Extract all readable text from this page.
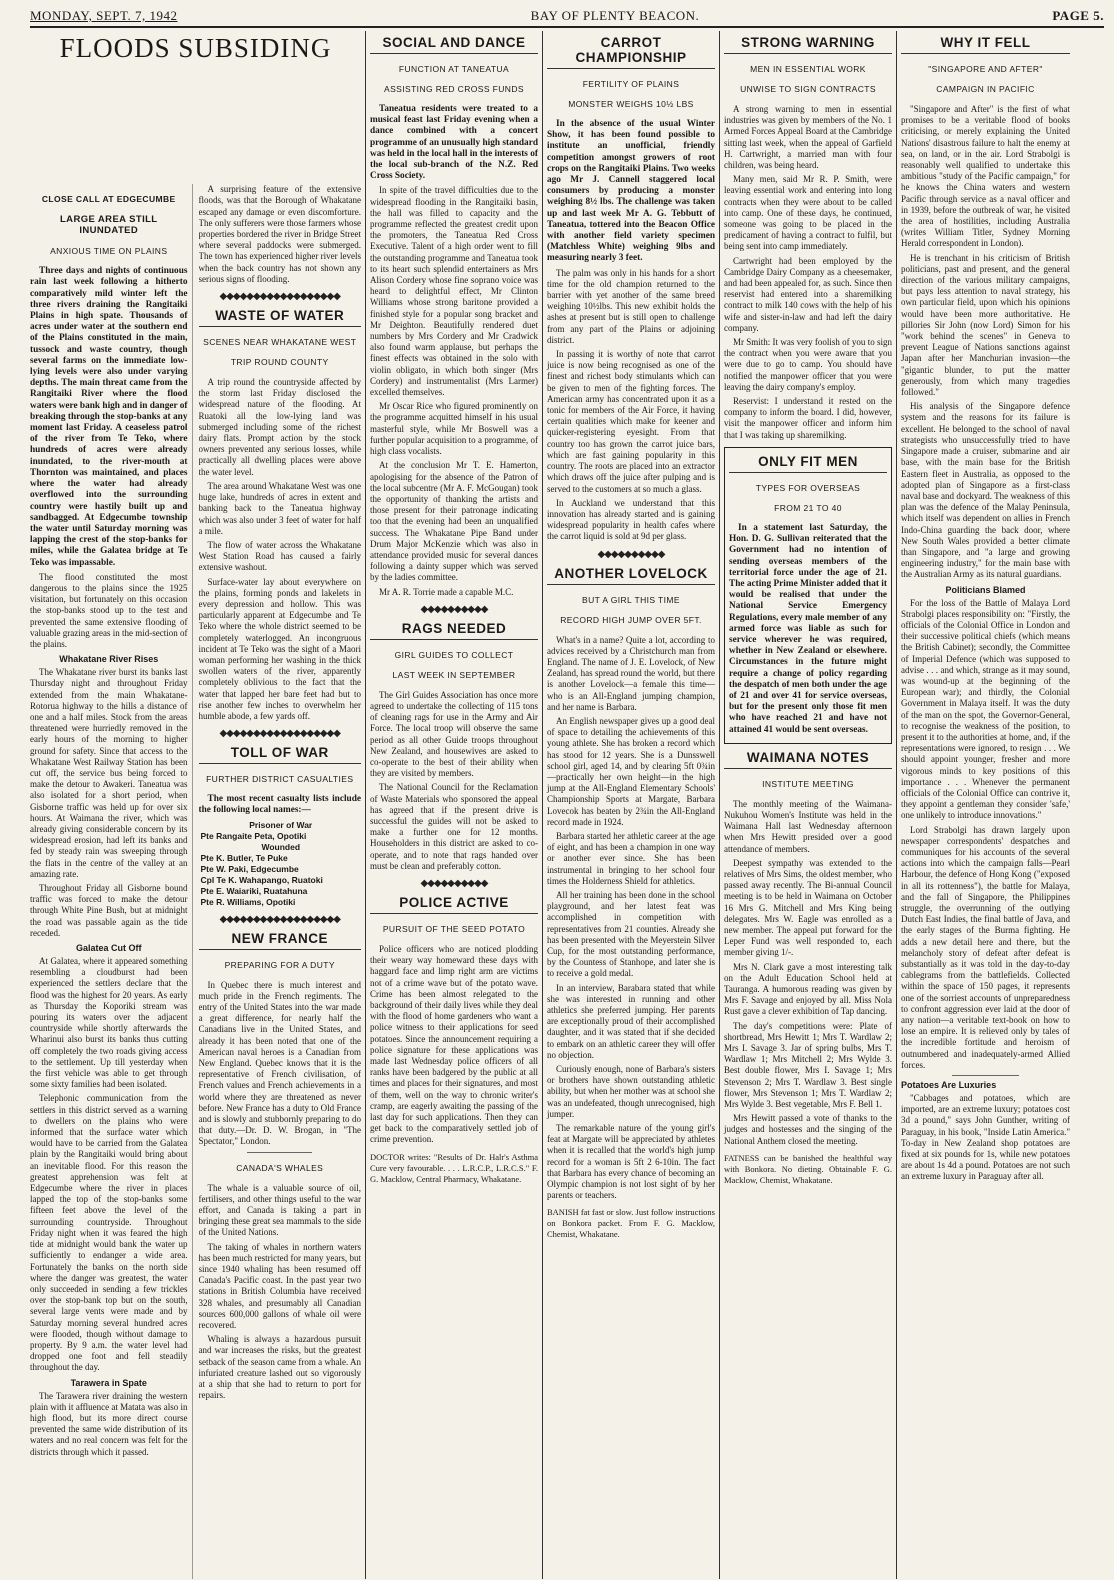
MONDAY, SEPT. 7, 1942	BAY OF PLENTY BEACON.	PAGE 5.
FLOODS SUBSIDING
CLOSE CALL AT EDGECUMBE
LARGE AREA STILL INUNDATED
ANXIOUS TIME ON PLAINS

Three days and nights of continuous rain last week following a hitherto comparatively mild winter left the three rivers draining the Rangitaiki Plains in high spate. Thousands of acres under water at the southern end of the Plains constituted in the main, tussock and waste country, though several farms on the immediate low-lying levels were also under varying depths. The main threat came from the Rangitaiki River where the flood waters were bank high and in danger of breaking through the stop-banks at any moment last Friday. A ceaseless patrol of the river from Te Teko, where hundreds of acres were already inundated, to the river-mouth at Thornton was maintained, and places where the water had already overflowed into the surrounding country were hastily built up and sandbagged. At Edgecumbe township the water until Saturday morning was lapping the crest of the stop-banks for miles, while the Galatea bridge at Te Teko was impassable.

The flood constituted the most dangerous to the plains since the 1925 visitation, but fortunately on this occasion the stop-banks stood up to the test and prevented the same extensive flooding of valuable grazing areas in the mid-section of the plains.

Whakatane River Rises

The Whakatane river burst its banks last Thursday night and throughout Friday extended from the main Whakatane-Rotorua highway to the hills a distance of one and a half miles. Stock from the areas threatened were hurriedly removed in the early hours of the morning to higher ground for safety. Since that access to the Whakatane West Railway Station has been cut off, the service bus being forced to make the detour to Awakeri. Taneatua was also isolated for a short period, when Gisborne traffic was held up for over six hours. At Waimana the river, which was already giving considerable concern by its widespread erosion, had left its banks and fed by steady rain was sweeping through the flats in the centre of the valley at an amazing rate.

Throughout Friday all Gisborne bound traffic was forced to make the detour through White Pine Bush, but at midnight the road was passable again as the tide receded.

Galatea Cut Off

At Galatea, where it appeared something resembling a cloudburst had been experienced the settlers declare that the flood was the highest for 20 years. As early as Thursday the Koporiki stream was pouring its waters over the adjacent countryside while shortly afterwards the Wharinui also burst its banks thus cutting off completely the two roads giving access to the settlement. Up till yesterday when the first vehicle was able to get through some sixty families had been isolated.

Telephonic communication from the settlers in this district served as a warning to dwellers on the plains who were informed that the surface water which would have to be carried from the Galatea plain by the Rangitaiki would bring about an inevitable flood. For this reason the greatest apprehension was felt at Edgecumbe where the river in places lapped the top of the stop-banks some fifteen feet above the level of the surrounding countryside. Throughout Friday night when it was feared the high tide at midnight would bank the water up sufficiently to endanger a wide area. Fortunately the banks on the north side where the danger was greatest, the water only succeeded in sending a few trickles over the stop-bank top but on the south, several large vents were made and by Saturday morning several hundred acres were flooded, though without damage to property. By 9 a.m. the water level had dropped one foot and fell steadily throughout the day.

Tarawera in Spate

The Tarawera river draining the western plain with it affluence at Matata was also in high flood, but its more direct course prevented the same wide distribution of its waters and no real concern was felt for the districts through which it passed.

A surprising feature of the extensive floods, was that the Borough of Whakatane escaped any damage or even discomforture. The only sufferers were those farmers whose properties bordered the river in Bridge Street where several paddocks were submerged. The town has experienced higher river levels when the back country has not shown any serious signs of flooding.

◆◆◆◆◆◆◆◆◆◆◆◆◆◆◆◆◆◆
WASTE OF WATER
SCENES NEAR WHAKATANE WEST
TRIP ROUND COUNTY

A trip round the countryside affected by the storm last Friday disclosed the widespread nature of the flooding. At Ruatoki all the low-lying land was submerged including some of the richest dairy flats. Prompt action by the stock owners prevented any serious losses, while practically all dwelling places were above the water level.

The area around Whakatane West was one huge lake, hundreds of acres in extent and banking back to the Taneatua highway which was also under 3 feet of water for half a mile.

The flow of water across the Whakatane West Station Road has caused a fairly extensive washout.

Surface-water lay about everywhere on the plains, forming ponds and lakelets in every depression and hollow. This was particularly apparent at Edgecumbe and Te Teko where the whole district seemed to be completely waterlogged. An incongruous incident at Te Teko was the sight of a Maori woman performing her washing in the thick swollen waters of the river, apparently completely oblivious to the fact that the water that lapped her bare feet had but to rise another few inches to overwhelm her humble abode, a few yards off.

◆◆◆◆◆◆◆◆◆◆◆◆◆◆◆◆◆◆
TOLL OF WAR
FURTHER DISTRICT CASUALTIES

The most recent casualty lists include the following local names:—

Prisoner of War
Pte Rangaite Peta, Opotiki
Wounded
Pte K. Butler, Te Puke
Pte W. Paki, Edgecumbe
Cpl Te K. Wahapango, Ruatoki
Pte E. Waiariki, Ruatahuna
Pte R. Williams, Opotiki
◆◆◆◆◆◆◆◆◆◆◆◆◆◆◆◆◆◆
NEW FRANCE
PREPARING FOR A DUTY

In Quebec there is much interest and much pride in the French regiments. The entry of the United States into the war made a great difference, for nearly half the Canadians live in the United States, and already it has been noted that one of the American naval heroes is a Canadian from New England. Quebec knows that it is the representative of French civilisation, of French values and French achievements in a world where they are threatened as never before. New France has a duty to Old France and is slowly and stubbornly preparing to do that duty.—Dr. D. W. Brogan, in "The Spectator," London.

CANADA'S WHALES

The whale is a valuable source of oil, fertilisers, and other things useful to the war effort, and Canada is taking a part in bringing these great sea mammals to the side of the United Nations.

The taking of whales in northern waters has been much restricted for many years, but since 1940 whaling has been resumed off Canada's Pacific coast. In the past year two stations in British Columbia have received 328 whales, and presumably all Canadian sources 600,000 gallons of whale oil were recovered.

Whaling is always a hazardous pursuit and war increases the risks, but the greatest setback of the season came from a whale. An infuriated creature lashed out so vigorously at a ship that she had to return to port for repairs.

SOCIAL AND DANCE
FUNCTION AT TANEATUA
ASSISTING RED CROSS FUNDS

Taneatua residents were treated to a musical feast last Friday evening when a dance combined with a concert programme of an unusually high standard was held in the local hall in the interests of the local sub-branch of the N.Z. Red Cross Society.

In spite of the travel difficulties due to the widespread flooding in the Rangitaiki basin, the hall was filled to capacity and the programme reflected the greatest credit upon the promoters, the Taneatua Red Cross Executive. Talent of a high order went to fill the outstanding programme and Taneatua took to its heart such splendid entertainers as Mrs Alison Cordery whose fine soprano voice was heard to delightful effect, Mr Clinton Williams whose strong baritone provided a finished style for a popular song bracket and Mr Deighton. Beautifully rendered duet numbers by Mrs Cordery and Mr Cradwick also found warm applause, but perhaps the finest effects was obtained in the solo with violin obligato, in which both singer (Mrs Cordery) and instrumentalist (Mrs Larmer) excelled themselves.

Mr Oscar Rice who figured prominently on the programme acquitted himself in his usual masterful style, while Mr Boswell was a further popular acquisition to a programme, of high class vocalists.

At the conclusion Mr T. E. Hamerton, apologising for the absence of the Patron of the local subcentre (Mr A. F. McGougan) took the opportunity of thanking the artists and those present for their patronage indicating too that the evening had been an unqualified success. The Whakatane Pipe Band under Drum Major McKenzie which was also in attendance provided music for several dances following a dainty supper which was served by the ladies committee.

Mr A. R. Torrie made a capable M.C.

◆◆◆◆◆◆◆◆◆◆
RAGS NEEDED
GIRL GUIDES TO COLLECT
LAST WEEK IN SEPTEMBER

The Girl Guides Association has once more agreed to undertake the collecting of 115 tons of cleaning rags for use in the Army and Air Force. The local troop will observe the same period as all other Guide troops throughout New Zealand, and housewives are asked to co-operate to the best of their ability when they are visited by members.

The National Council for the Reclamation of Waste Materials who sponsored the appeal has agreed that if the present drive is successful the guides will not be asked to make a further one for 12 months. Householders in this district are asked to co-operate, and to note that rags handed over must be clean and preferably cotton.

◆◆◆◆◆◆◆◆◆◆
POLICE ACTIVE
PURSUIT OF THE SEED POTATO

Police officers who are noticed plodding their weary way homeward these days with haggard face and limp right arm are victims not of a crime wave but of the potato wave. Crime has been almost relegated to the background of their daily lives while they deal with the flood of home gardeners who want a police witness to their applications for seed potatoes. Since the announcement requiring a police signature for these applications was made last Wednesday police officers of all ranks have been badgered by the public at all times and places for their signatures, and most of them, well on the way to chronic writer's cramp, are eagerly awaiting the passing of the last day for such applications. Then they can get back to the comparatively settled job of crime prevention.

DOCTOR writes: "Results of Dr. Halr's Asthma Cure very favourable. . . . L.R.C.P., L.R.C.S." F. G. Macklow, Central Pharmacy, Whakatane.

CARROT CHAMPIONSHIP
FERTILITY OF PLAINS
MONSTER WEIGHS 10½ LBS

In the absence of the usual Winter Show, it has been found possible to institute an unofficial, friendly competition amongst growers of root crops on the Rangitaiki Plains. Two weeks ago Mr J. Cannell staggered local consumers by producing a monster weighing 8½ lbs. The challenge was taken up and last week Mr A. G. Tebbutt of Taneatua, tottered into the Beacon Office with another field variety specimen (Matchless White) weighing 9lbs and measuring nearly 3 feet.

The palm was only in his hands for a short time for the old champion returned to the barrier with yet another of the same breed weighing 10½lbs. This new exhibit holds the ashes at present but is still open to challenge from any part of the Plains or adjoining district.

In passing it is worthy of note that carrot juice is now being recognised as one of the finest and richest body stimulants which can be given to men of the fighting forces. The American army has concentrated upon it as a tonic for members of the Air Force, it having certain qualities which make for keener and quicker-registering eyesight. From that country too has grown the carrot juice bars, which are fast gaining popularity in this country. The roots are placed into an extractor which draws off the juice after pulping and is served to the customers at so much a glass.

In Auckland we understand that this innovation has already started and is gaining widespread popularity in health cafes where the carrot liquid is sold at 9d per glass.

◆◆◆◆◆◆◆◆◆◆
ANOTHER LOVELOCK
BUT A GIRL THIS TIME
RECORD HIGH JUMP OVER 5FT.

What's in a name? Quite a lot, according to advices received by a Christchurch man from England. The name of J. E. Lovelock, of New Zealand, has spread round the world, but there is another Lovelock—a female this time—who is an All-England jumping champion, and her name is Barbara.

An English newspaper gives up a good deal of space to detailing the achievements of this young athlete. She has broken a record which has stood for 12 years. She is a Dunsswell school girl, aged 14, and by clearing 5ft 0¾in—practically her own height—in the high jump at the All-England Elementary Schools' Championship Sports at Margate, Barbara Lovecok has beaten by 2¾in the All-England record made in 1924.

Barbara started her athletic career at the age of eight, and has been a champion in one way or another ever since. She has been instrumental in bringing to her school four times the Holderness Shield for athletics.

All her training has been done in the school playground, and her latest feat was accomplished in competition with representatives from 21 counties. Already she has been presented with the Meyerstein Silver Cup, for the most outstanding performance, by the Countess of Stanhope, and later she is to receive a gold medal.

In an interview, Barabara stated that while she was interested in running and other athletics she preferred jumping. Her parents are exceptionally proud of their accomplished daughter, and it was stated that if she decided to embark on an athletic career they will offer no objection.

Curiously enough, none of Barbara's sisters or brothers have shown outstanding athletic ability, but when her mother was at school she was an undefeated, though unrecognised, high jumper.

The remarkable nature of the young girl's feat at Margate will be appreciated by athletes when it is recalled that the world's high jump record for a woman is 5ft 2 6-10in. The fact that Barbara has every chance of becoming an Olympic champion is not lost sight of by her parents or teachers.

BANISH fat fast or slow. Just follow instructions on Bonkora packet. From F. G. Macklow, Chemist, Whakatane.

STRONG WARNING
MEN IN ESSENTIAL WORK
UNWISE TO SIGN CONTRACTS

A strong warning to men in essential industries was given by members of the No. 1 Armed Forces Appeal Board at the Cambridge sitting last week, when the appeal of Garfield H. Cartwright, a married man with four children, was being heard.

Many men, said Mr R. P. Smith, were leaving essential work and entering into long contracts when they were about to be called into camp. One of these days, he continued, someone was going to be placed in the predicament of having a contract to fulfil, but being sent into camp immediately.

Cartwright had been employed by the Cambridge Dairy Company as a cheesemaker, and had been appealed for, as such. Since then reservist had entered into a sharemilking contract to milk 140 cows with the help of his wife and sister-in-law and had left the dairy company.

Mr Smith: It was very foolish of you to sign the contract when you were aware that you were due to go to camp. You should have notified the manpower officer that you were leaving the dairy company's employ.

Reservist: I understand it rested on the company to inform the board. I did, however, visit the manpower officer and inform him that I was taking up sharemilking.

ONLY FIT MEN
TYPES FOR OVERSEAS
FROM 21 TO 40

In a statement last Saturday, the Hon. D. G. Sullivan reiterated that the Government had no intention of sending overseas members of the territorial force under the age of 21. The acting Prime Minister added that it would be realised that under the National Service Emergency Regulations, every male member of any armed force was liable as such for service wherever he was required, whether in New Zealand or elsewhere. Circumstances in the future might require a change of policy regarding the despatch of men both under the age of 21 and over 41 for service overseas, but for the present only those fit men who have reached 21 and have not attained 41 would be sent overseas.

WAIMANA NOTES
INSTITUTE MEETING

The monthly meeting of the Waimana-Nukuhou Women's Institute was held in the Waimana Hall last Wednesday afternoon when Mrs Hewitt presided over a good attendance of members.

Deepest sympathy was extended to the relatives of Mrs Sims, the oldest member, who passed away recently. The Bi-annual Council meeting is to be held in Waimana on October 16 Mrs G. Mitchell and Mrs King being delegates. Mrs W. Eagle was enrolled as a new member. The appeal put forward for the Leper Fund was well responded to, each member giving 1/-.

Mrs N. Clark gave a most interesting talk on the Adult Education School held at Tauranga. A humorous reading was given by Mrs F. Savage and enjoyed by all. Miss Nola Rust gave a clever exhibition of Tap dancing.

The day's competitions were: Plate of shortbread, Mrs Hewitt 1; Mrs T. Wardlaw 2; Mrs I. Savage 3. Jar of spring bulbs, Mrs T. Wardlaw 1; Mrs Mitchell 2; Mrs Wylde 3. Best double flower, Mrs I. Savage 1; Mrs Stevenson 2; Mrs T. Wardlaw 3. Best single flower, Mrs Stevenson 1; Mrs T. Wardlaw 2; Mrs Wylde 3. Best vegetable, Mrs F. Bell 1.

Mrs Hewitt passed a vote of thanks to the judges and hostesses and the singing of the National Anthem closed the meeting.

FATNESS can be banished the healthful way with Bonkora. No dieting. Obtainable F. G. Macklow, Chemist, Whakatane.

WHY IT FELL
"SINGAPORE AND AFTER"
CAMPAIGN IN PACIFIC

"Singapore and After" is the first of what promises to be a veritable flood of books criticising, or merely explaining the United Nations' disastrous failure to halt the enemy at sea, on land, or in the air. Lord Strabolgi is reasonably well qualified to undertake this ambitious "study of the Pacific campaign," for he knows the China waters and western Pacific through service as a naval officer and in 1939, before the outbreak of war, he visited the area of hostilities, including Australia (writes William Titler, Sydney Morning Herald correspondent in London).

He is trenchant in his criticism of British politicians, past and present, and the general direction of the various military campaigns, but pays less attention to naval strategy, his own particular field, upon which his opinions would have been more authoritative. He pillories Sir John (now Lord) Simon for his "work behind the scenes" in Geneva to prevent League of Nations sanctions against Japan after her Manchurian invasion—the "gigantic blunder, to put the matter generously, from which many tragedies followed."

His analysis of the Singapore defence system and the reasons for its failure is excellent. He belonged to the school of naval strategists who unsuccessfully tried to have Singapore made a cruiser, submarine and air base, with the main base for the British Eastern fleet in Australia, as opposed to the adopted plan of Singapore as a first-class naval base and dockyard. The weakness of this plan was the defence of the Malay Peninsula, which itself was dependent on allies in French Indo-China guarding the back door, where New South Wales provided a better climate than Singapore, and "a large and growing engineering industry," for the main base with the Australian Army as its natural guardians.

Politicians Blamed

For the loss of the Battle of Malaya Lord Strabolgi places responsibility on: "Firstly, the officials of the Colonial Office in London and their successive political chiefs (which means the British Cabinet); secondly, the Committee of Imperial Defence (which was supposed to advise . . . and which, strange as it may sound, was wound-up at the beginning of the European war); and thirdly, the Colonial Government in Malaya itself. It was the duty of the man on the spot, the Governor-General, to recognise the weakness of the position, to present it to the authorities at home, and, if the representations were ignored, to resign . . . We should appoint younger, fresher and more vigorous minds to key positions of this importance . . . Whenever the permanent officials of the Colonial Office can contrive it, they appoint a gentleman they consider 'safe,' one unlikely to introduce innovations."

Lord Strabolgi has drawn largely upon newspaper correspondents' despatches and communiques for his accounts of the several actions into which the campaign falls—Pearl Harbour, the defence of Hong Kong ("exposed in all its rottenness"), the battle for Malaya, and the fall of Singapore, the Philippines struggle, the overrunning of the outlying Dutch East Indies, the final battle of Java, and the early stages of the Burma fighting. He adds a new detail here and there, but the melancholy story of defeat after defeat is substantially as it was told in the day-to-day cablegrams from the battlefields. Collected within the space of 150 pages, it represents one of the sorriest accounts of unpreparedness to confront aggression ever laid at the door of any nation—a veritable text-book on how to lose an empire. It is relieved only by tales of the incredible fortitude and heroism of outnumbered and inadequately-armed Allied forces.

Potatoes Are Luxuries

"Cabbages and potatoes, which are imported, are an extreme luxury; potatoes cost 3d a pound," says John Gunther, writing of Paraguay, in his book, "Inside Latin America." To-day in New Zealand shop potatoes are fixed at six pounds for 1s, while new potatoes are about 1s 4d a pound. Potatoes are not such an extreme luxury in Paraguay after all.
